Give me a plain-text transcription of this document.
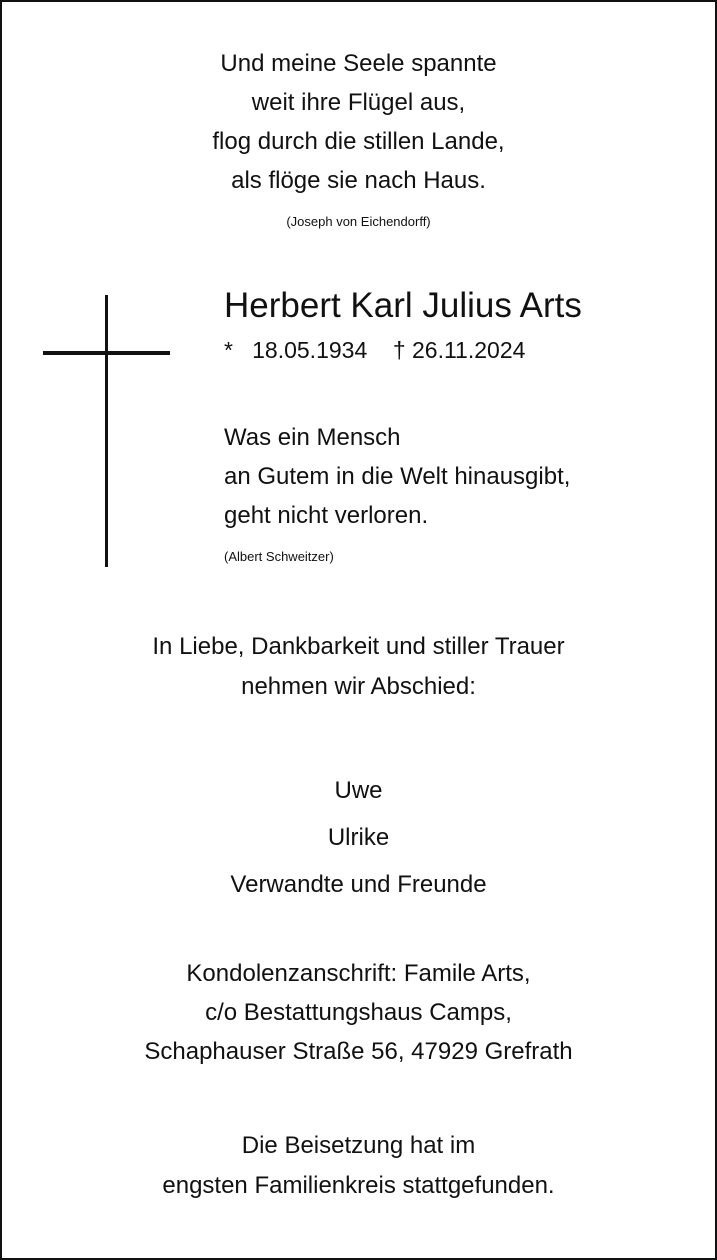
Und meine Seele spannte
weit ihre Flügel aus,
flog durch die stillen Lande,
als flöge sie nach Haus.
(Joseph von Eichendorff)
Herbert Karl Julius Arts
* 18.05.1934 † 26.11.2024
Was ein Mensch
an Gutem in die Welt hinausgibt,
geht nicht verloren.
(Albert Schweitzer)
In Liebe, Dankbarkeit und stiller Trauer
nehmen wir Abschied:
Uwe
Ulrike
Verwandte und Freunde
Kondolenzanschrift: Famile Arts,
c/o Bestattungshaus Camps,
Schaphauser Straße 56, 47929 Grefrath
Die Beisetzung hat im
engsten Familienkreis stattgefunden.
